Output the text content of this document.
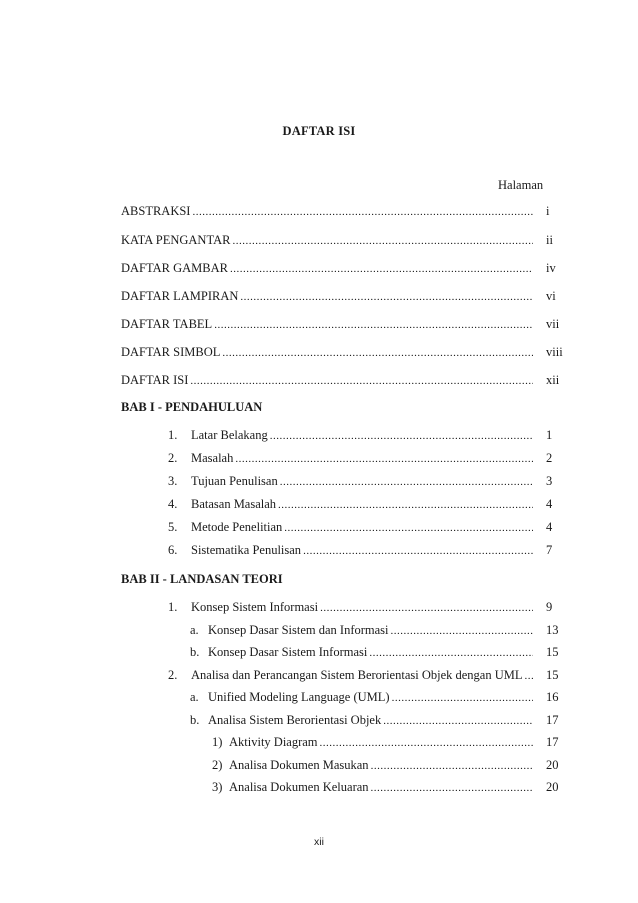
DAFTAR ISI
Halaman
ABSTRAKSI .....	i
KATA PENGANTAR .....	ii
DAFTAR GAMBAR .....	iv
DAFTAR LAMPIRAN .....	vi
DAFTAR TABEL .....	vii
DAFTAR SIMBOL .....	viii
DAFTAR ISI .....	xii
BAB I - PENDAHULUAN
1.	Latar Belakang .....	1
2.	Masalah .....	2
3.	Tujuan Penulisan .....	3
4.	Batasan Masalah .....	4
5.	Metode Penelitian .....	4
6.	Sistematika Penulisan .....	7
BAB II - LANDASAN TEORI
1.	Konsep Sistem Informasi .....	9
a. Konsep Dasar Sistem dan Informasi .....	13
b. Konsep Dasar Sistem Informasi .....	15
2.	Analisa dan Perancangan Sistem Berorientasi Objek dengan UML ..... 15
a. Unified Modeling Language (UML) .....	16
b. Analisa Sistem Berorientasi Objek .....	17
1) Aktivity Diagram .....	17
2) Analisa Dokumen Masukan .....	20
3) Analisa Dokumen Keluaran .....	20
xii
